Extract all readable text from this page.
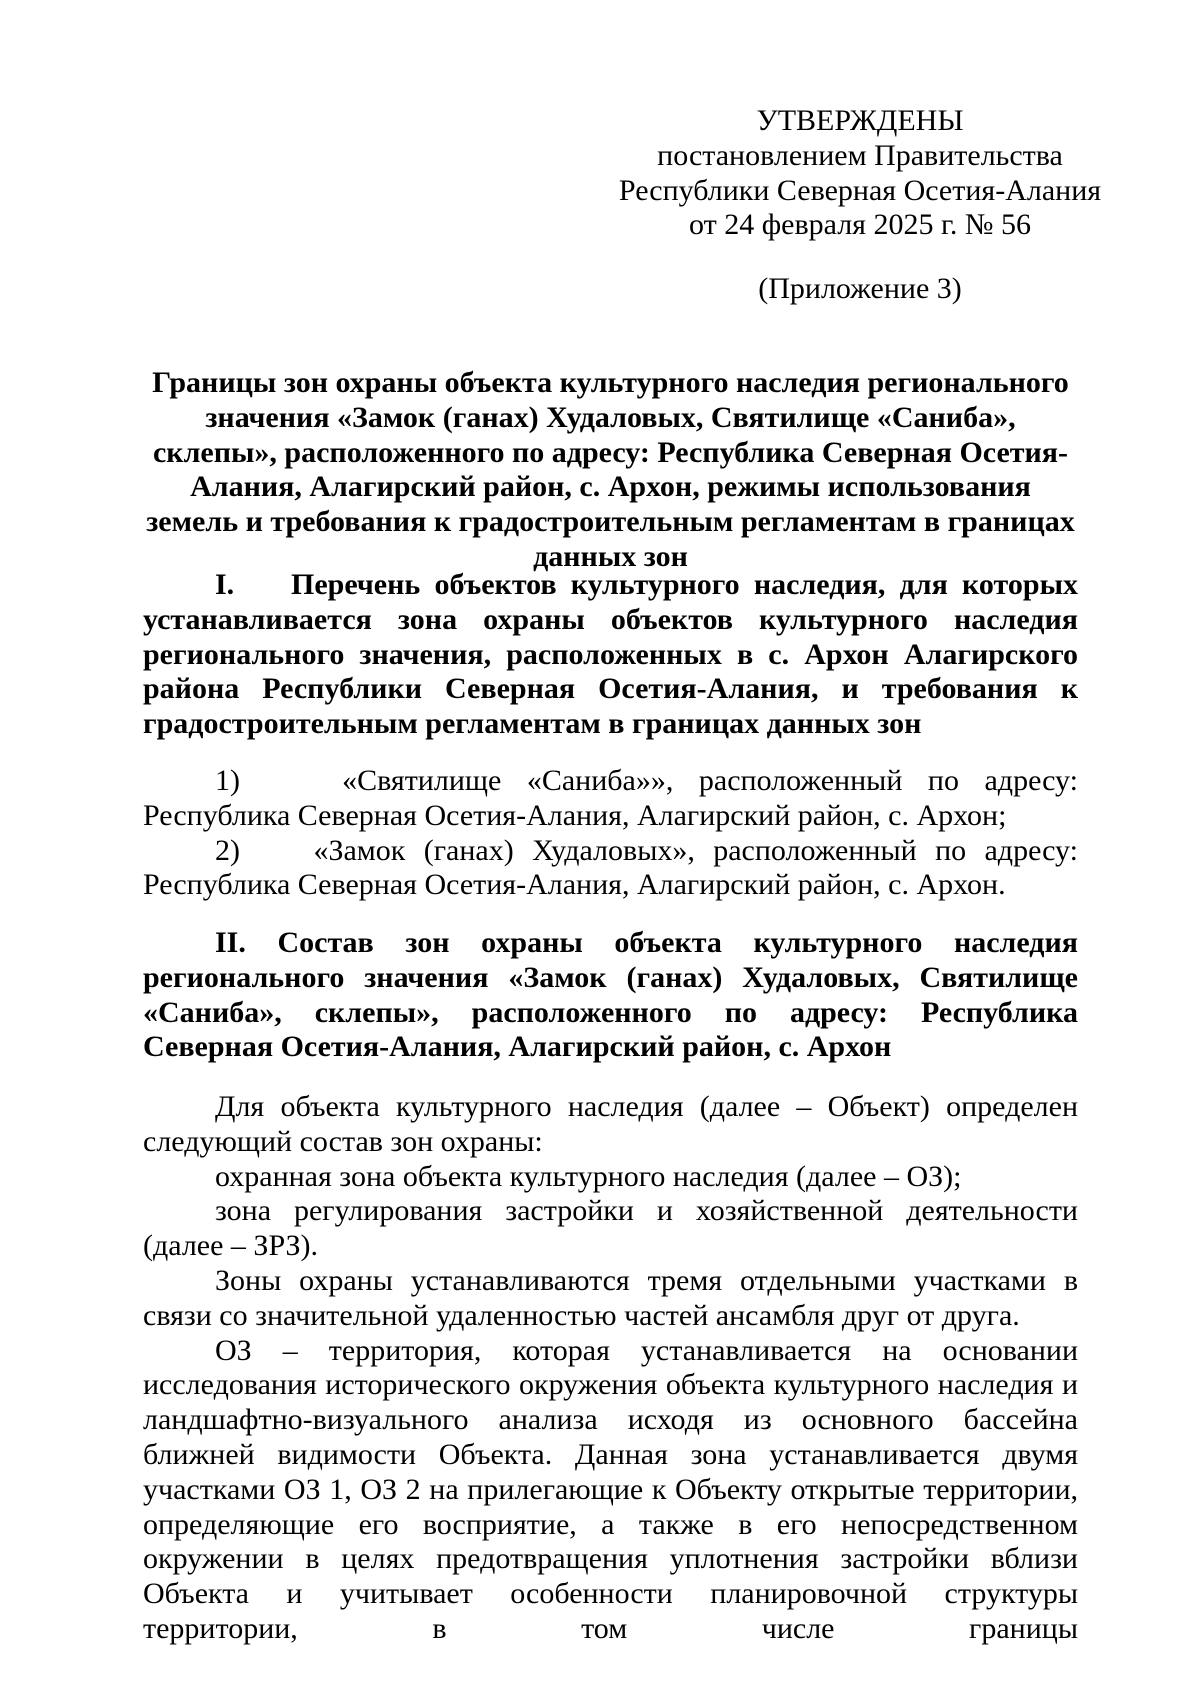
УТВЕРЖДЕНЫ
постановлением Правительства
Республики Северная Осетия-Алания
от 24 февраля 2025 г. № 56
(Приложение 3)
Границы зон охраны объекта культурного наследия регионального значения «Замок (ганах) Худаловых, Святилище «Саниба», склепы», расположенного по адресу: Республика Северная Осетия-Алания, Алагирский район, с. Архон, режимы использования земель и требования к градостроительным регламентам в границах данных зон

I.    Перечень объектов культурного наследия, для которых устанавливается зона охраны объектов культурного наследия регионального значения, расположенных в с. Архон Алагирского района Республики Северная Осетия-Алания, и требования к градостроительным регламентам в границах данных зон

1)    «Святилище «Саниба»», расположенный по адресу: Республика Северная Осетия-Алания, Алагирский район, с. Архон;

2)    «Замок (ганах) Худаловых», расположенный по адресу: Республика Северная Осетия-Алания, Алагирский район, с. Архон.

II. Состав зон охраны объекта культурного наследия регионального значения «Замок (ганах) Худаловых, Святилище «Саниба», склепы», расположенного по адресу: Республика Северная Осетия-Алания, Алагирский район, с. Архон

Для объекта культурного наследия (далее – Объект) определен следующий состав зон охраны:

охранная зона объекта культурного наследия (далее – ОЗ);

зона регулирования застройки и хозяйственной деятельности (далее – ЗРЗ).

Зоны охраны устанавливаются тремя отдельными участками в связи со значительной удаленностью частей ансамбля друг от друга.

ОЗ – территория, которая устанавливается на основании исследования исторического окружения объекта культурного наследия и ландшафтно-визуального анализа исходя из основного бассейна ближней видимости Объекта. Данная зона устанавливается двумя участками ОЗ 1, ОЗ 2 на прилегающие к Объекту открытые территории, определяющие его восприятие, а также в его непосредственном окружении в целях предотвращения уплотнения застройки вблизи Объекта и учитывает особенности планировочной структуры территории, в том числе границы
